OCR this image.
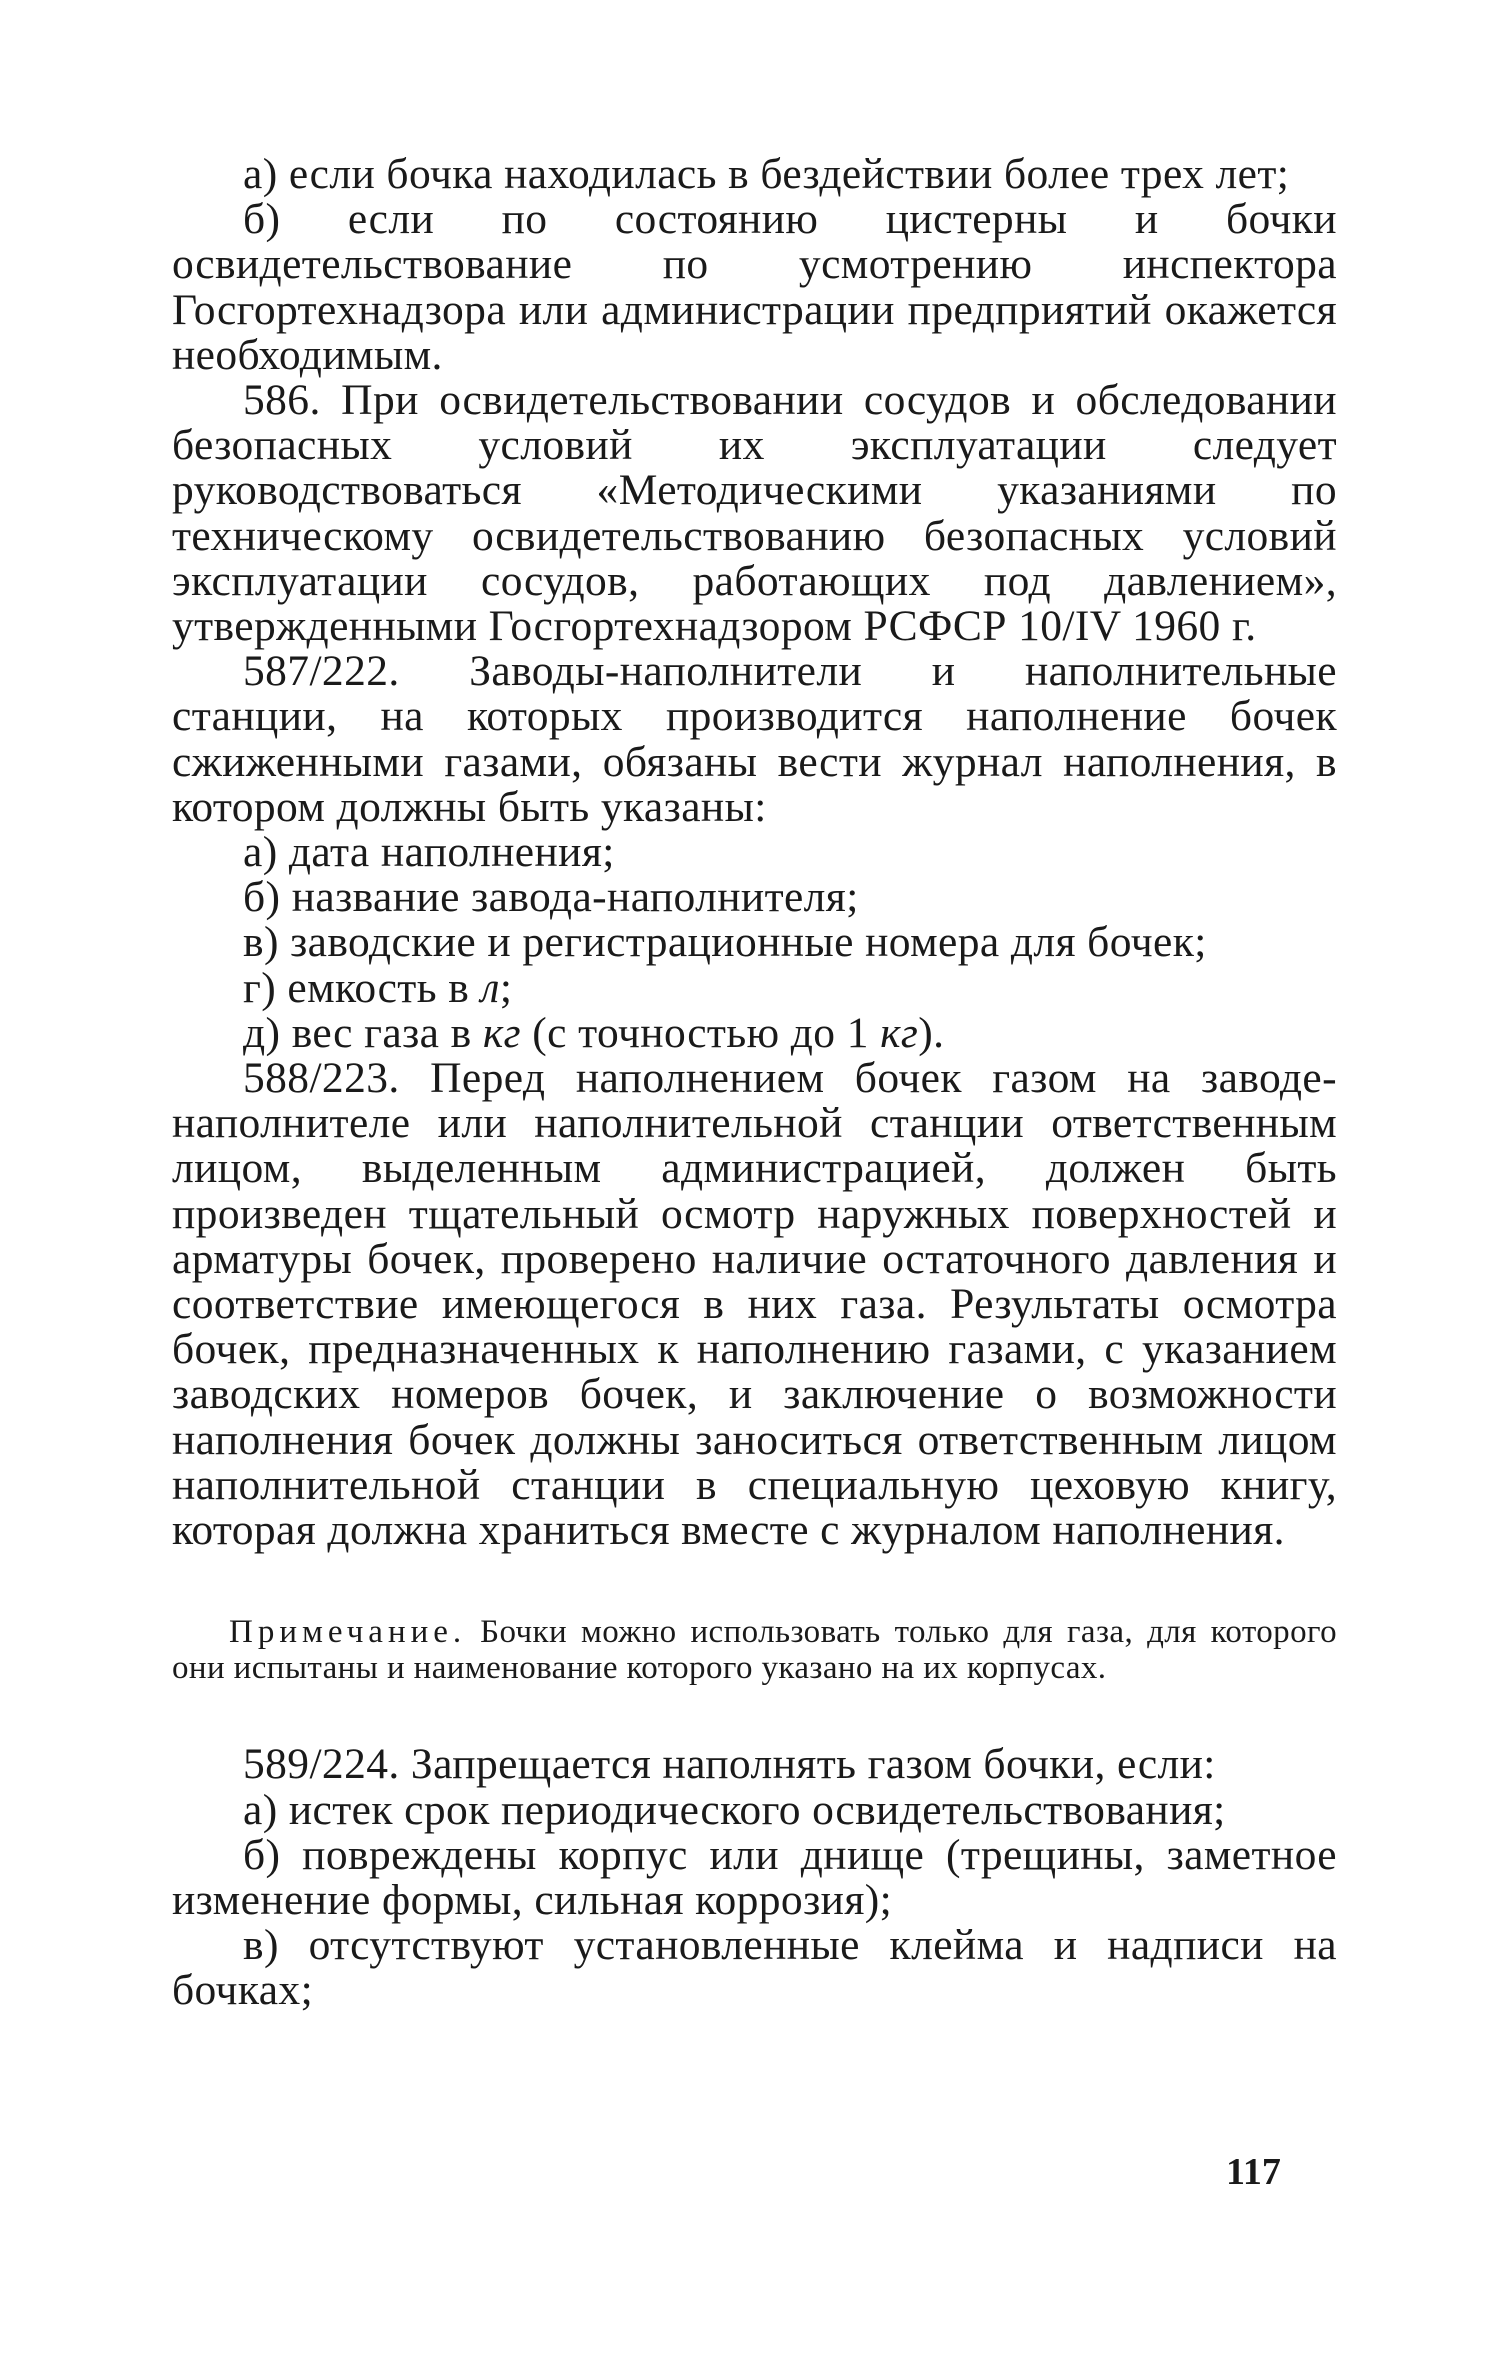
а) если бочка находилась в бездействии более трех лет;

б) если по состоянию цистерны и бочки освидетельствование по усмотрению инспектора Госгортехнадзора или администрации предприятий окажется необходимым.

586. При освидетельствовании сосудов и обследовании безопасных условий их эксплуатации следует руководствоваться «Методическими указаниями по техническому освидетельствованию безопасных условий эксплуатации сосудов, работающих под давлением», утвержденными Госгортехнадзором РСФСР 10/IV 1960 г.

587/222. Заводы-наполнители и наполнительные станции, на которых производится наполнение бочек сжиженными газами, обязаны вести журнал наполнения, в котором должны быть указаны:

а) дата наполнения;

б) название завода-наполнителя;

в) заводские и регистрационные номера для бочек;

г) емкость в л;

д) вес газа в кг (с точностью до 1 кг).

588/223. Перед наполнением бочек газом на заводе-наполнителе или наполнительной станции ответственным лицом, выделенным администрацией, должен быть произведен тщательный осмотр наружных поверхностей и арматуры бочек, проверено наличие остаточного давления и соответствие имеющегося в них газа. Результаты осмотра бочек, предназначенных к наполнению газами, с указанием заводских номеров бочек, и заключение о возможности наполнения бочек должны заноситься ответственным лицом наполнительной станции в специальную цеховую книгу, которая должна храниться вместе с журналом наполнения.

Примечание. Бочки можно использовать только для газа, для которого они испытаны и наименование которого указано на их корпусах.

589/224. Запрещается наполнять газом бочки, если:

а) истек срок периодического освидетельствования;

б) повреждены корпус или днище (трещины, заметное изменение формы, сильная коррозия);

в) отсутствуют установленные клейма и надписи на бочках;

117
